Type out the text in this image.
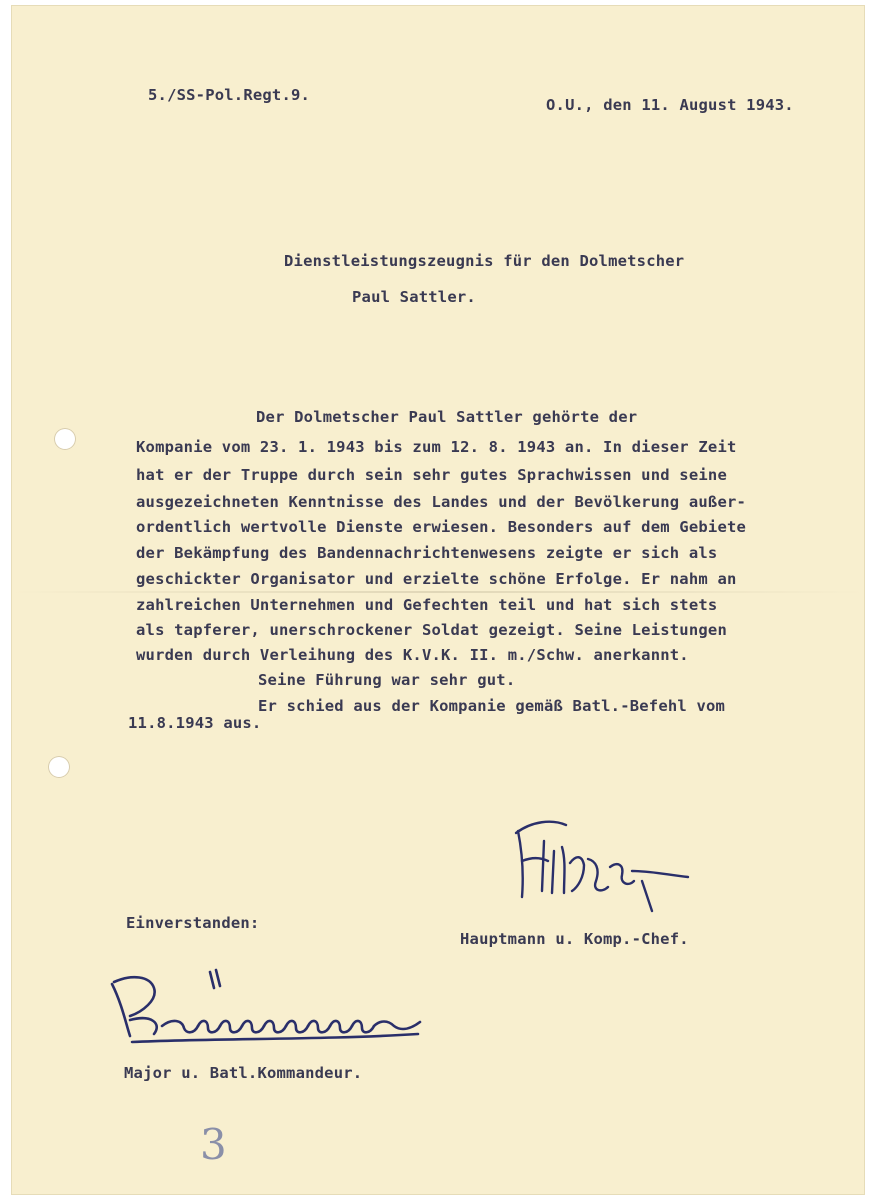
5./SS-Pol.Regt.9.
O.U., den 11. August 1943.
Dienstleistungszeugnis für den Dolmetscher
Paul Sattler.
Der Dolmetscher Paul Sattler gehörte der
Kompanie vom 23. 1. 1943 bis zum 12. 8. 1943 an. In dieser Zeit
hat er der Truppe durch sein sehr gutes Sprachwissen und seine
ausgezeichneten Kenntnisse des Landes und der Bevölkerung außer-
ordentlich wertvolle Dienste erwiesen. Besonders auf dem Gebiete
der Bekämpfung des Bandennachrichtenwesens zeigte er sich als
geschickter Organisator und erzielte schöne Erfolge. Er nahm an
zahlreichen Unternehmen und Gefechten teil und hat sich stets
als tapferer, unerschrockener Soldat gezeigt. Seine Leistungen
wurden durch Verleihung des K.V.K. II. m./Schw. anerkannt.
Seine Führung war sehr gut.
Er schied aus der Kompanie gemäß Batl.-Befehl vom
11.8.1943 aus.
Einverstanden:
Hauptmann u. Komp.-Chef.
Major u. Batl.Kommandeur.
3
